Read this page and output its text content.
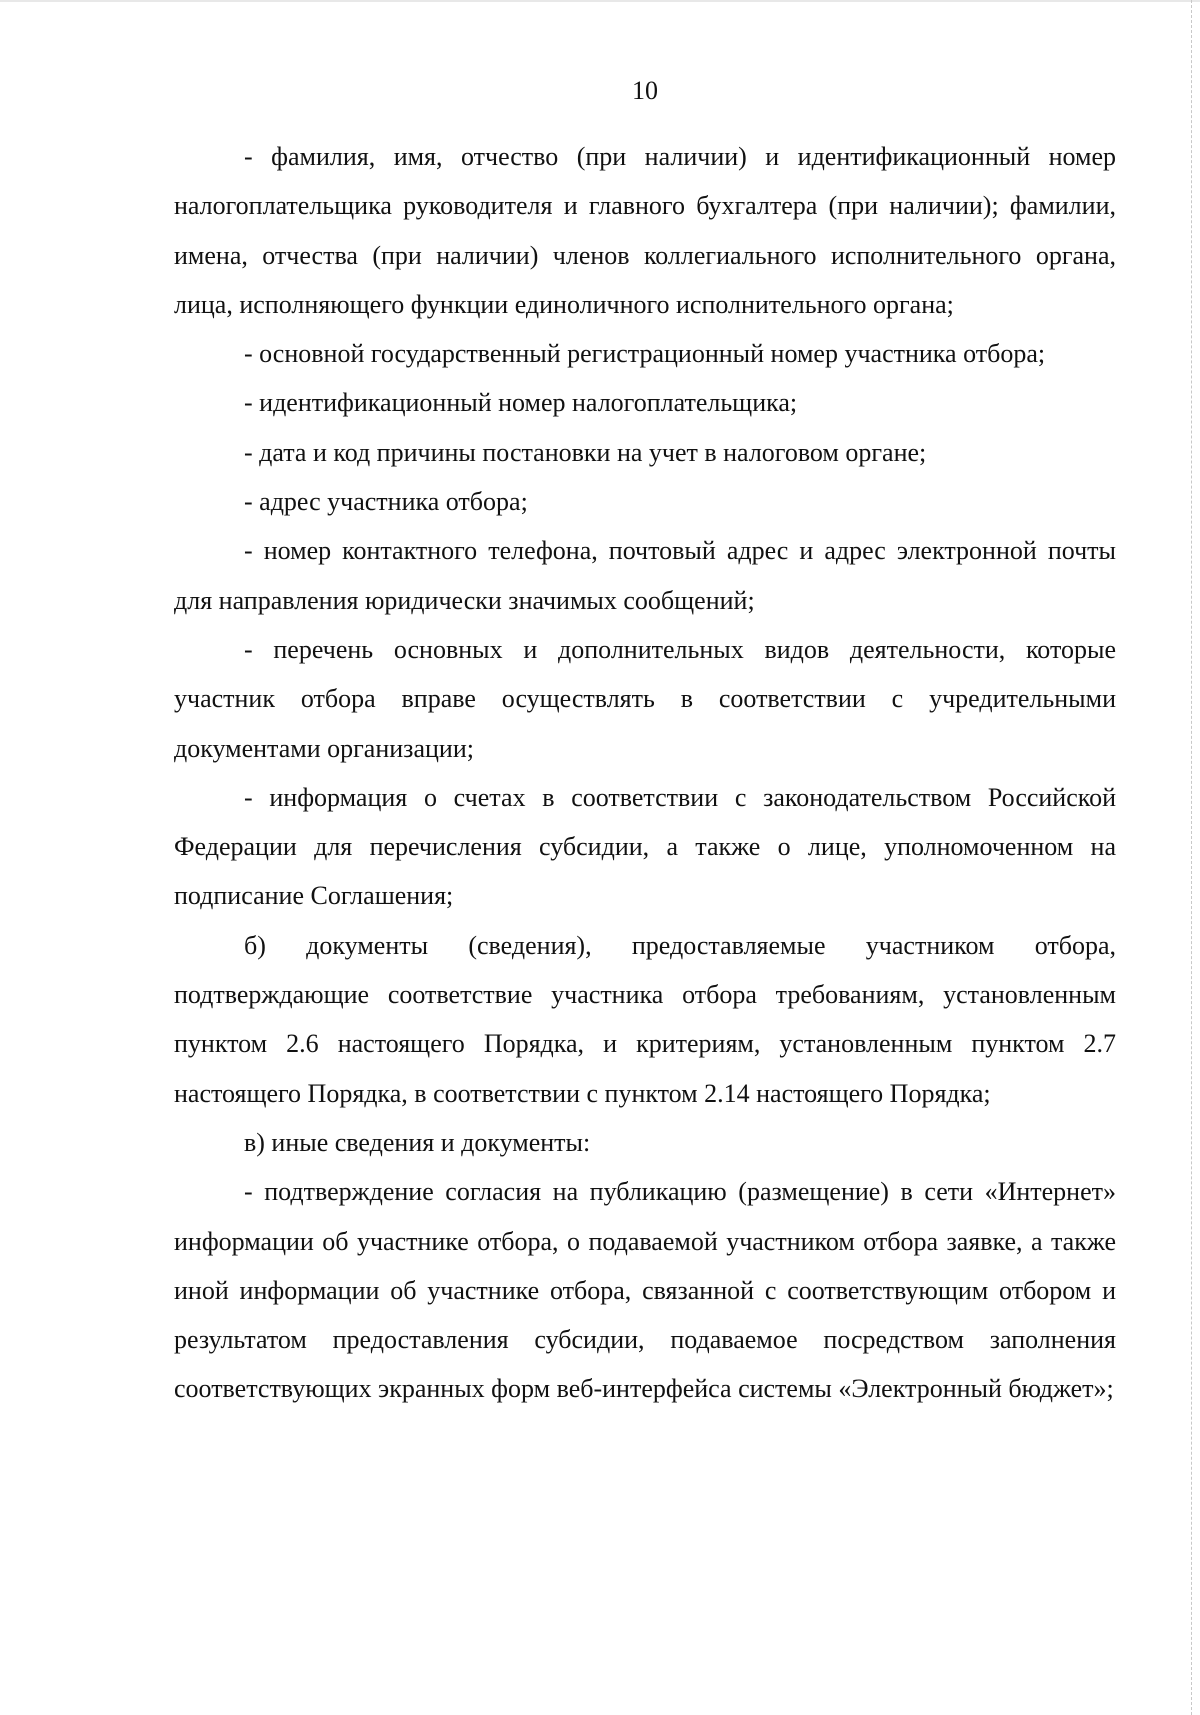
10

- фамилия, имя, отчество (при наличии) и идентификационный номер налогоплательщика руководителя и главного бухгалтера (при наличии); фамилии, имена, отчества (при наличии) членов коллегиального исполнительного органа, лица, исполняющего функции единоличного исполнительного органа;

- основной государственный регистрационный номер участника отбора;

- идентификационный номер налогоплательщика;

- дата и код причины постановки на учет в налоговом органе;

- адрес участника отбора;

- номер контактного телефона, почтовый адрес и адрес электронной почты для направления юридически значимых сообщений;

- перечень основных и дополнительных видов деятельности, которые участник отбора вправе осуществлять в соответствии с учредительными документами организации;

- информация о счетах в соответствии с законодательством Российской Федерации для перечисления субсидии, а также о лице, уполномоченном на подписание Соглашения;

б) документы (сведения), предоставляемые участником отбора, подтверждающие соответствие участника отбора требованиям, установленным пунктом 2.6 настоящего Порядка, и критериям, установленным пунктом 2.7 настоящего Порядка, в соответствии с пунктом 2.14 настоящего Порядка;

в) иные сведения и документы:

- подтверждение согласия на публикацию (размещение) в сети «Интернет» информации об участнике отбора, о подаваемой участником отбора заявке, а также иной информации об участнике отбора, связанной с соответствующим отбором и результатом предоставления субсидии, подаваемое посредством заполнения соответствующих экранных форм веб-интерфейса системы «Электронный бюджет»;
